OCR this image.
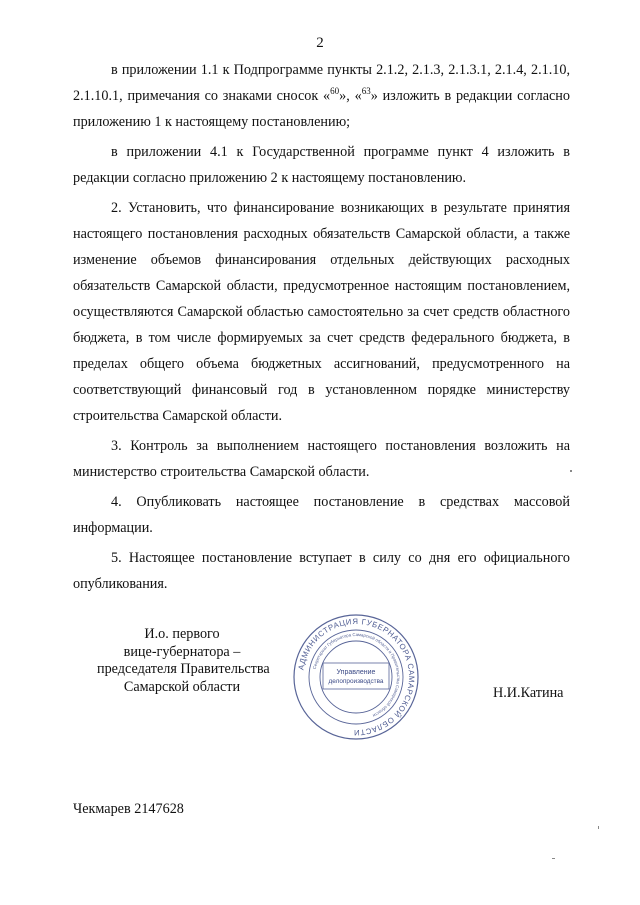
2

в приложении 1.1 к Подпрограмме пункты 2.1.2, 2.1.3, 2.1.3.1, 2.1.4, 2.1.10, 2.1.10.1, примечания со знаками сносок «$^{60}$», «$^{63}$» изложить в редакции согласно приложению 1 к настоящему постановлению;

в приложении 4.1 к Государственной программе пункт 4 изложить в редакции согласно приложению 2 к настоящему постановлению.

2. Установить, что финансирование возникающих в результате принятия настоящего постановления расходных обязательств Самарской области, а также изменение объемов финансирования отдельных действующих расходных обязательств Самарской области, предусмотренное настоящим постановлением, осуществляются Самарской областью самостоятельно за счет средств областного бюджета, в том числе формируемых за счет средств федерального бюджета, в пределах общего объема бюджетных ассигнований, предусмотренного на соответствующий финансовый год в установленном порядке министерству строительства Самарской области.

3. Контроль за выполнением настоящего постановления возложить на министерство строительства Самарской области.

4. Опубликовать настоящее постановление в средствах массовой информации.

5. Настоящее постановление вступает в силу со дня его официального опубликования.

И.о. первого
вице-губернатора –
председателя Правительства
Самарской области
АДМИНИСТРАЦИЯ ГУБЕРНАТОРА САМАРСКОЙ ОБЛАСТИ
Секретариат Губернатора Самарской области и Правительства Самарской области
Управление
делопроизводства
Н.И.Катина
Чекмарев 2147628
